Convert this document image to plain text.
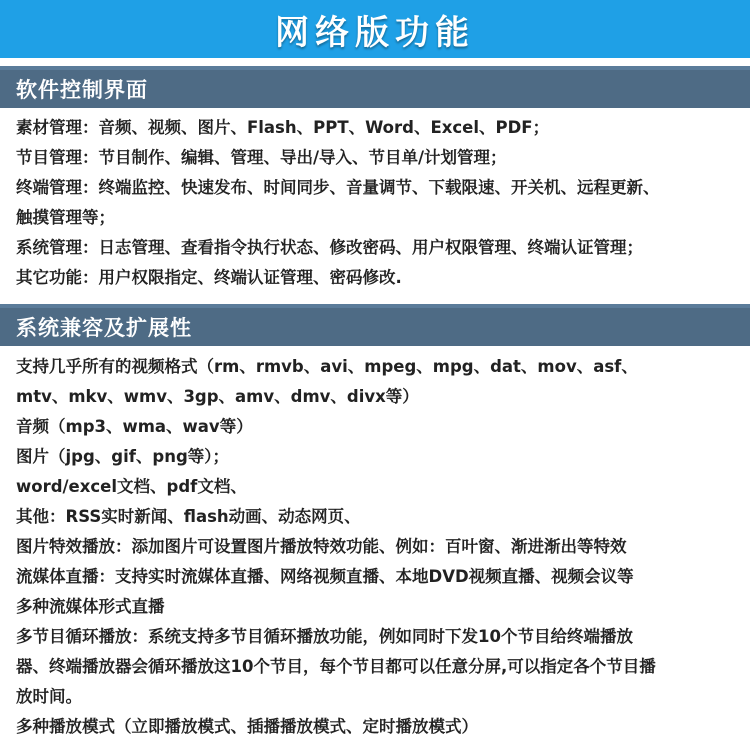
网络版功能
软件控制界面
素材管理：音频、视频、图片、Flash、PPT、Word、Excel、PDF；
节目管理：节目制作、编辑、管理、导出/导入、节目单/计划管理；
终端管理：终端监控、快速发布、时间同步、音量调节、下载限速、开关机、远程更新、
触摸管理等；
系统管理：日志管理、查看指令执行状态、修改密码、用户权限管理、终端认证管理；
其它功能：用户权限指定、终端认证管理、密码修改.
系统兼容及扩展性
支持几乎所有的视频格式（rm、rmvb、avi、mpeg、mpg、dat、mov、asf、
mtv、mkv、wmv、3gp、amv、dmv、divx等）
音频（mp3、wma、wav等）
图片（jpg、gif、png等）；
word/excel文档、pdf文档、
其他：RSS实时新闻、flash动画、动态网页、
图片特效播放：添加图片可设置图片播放特效功能、例如：百叶窗、渐进渐出等特效
流媒体直播：支持实时流媒体直播、网络视频直播、本地DVD视频直播、视频会议等
多种流媒体形式直播
多节目循环播放：系统支持多节目循环播放功能，例如同时下发10个节目给终端播放
器、终端播放器会循环播放这10个节目，每个节目都可以任意分屏,可以指定各个节目播
放时间。
多种播放模式（立即播放模式、插播播放模式、定时播放模式）
